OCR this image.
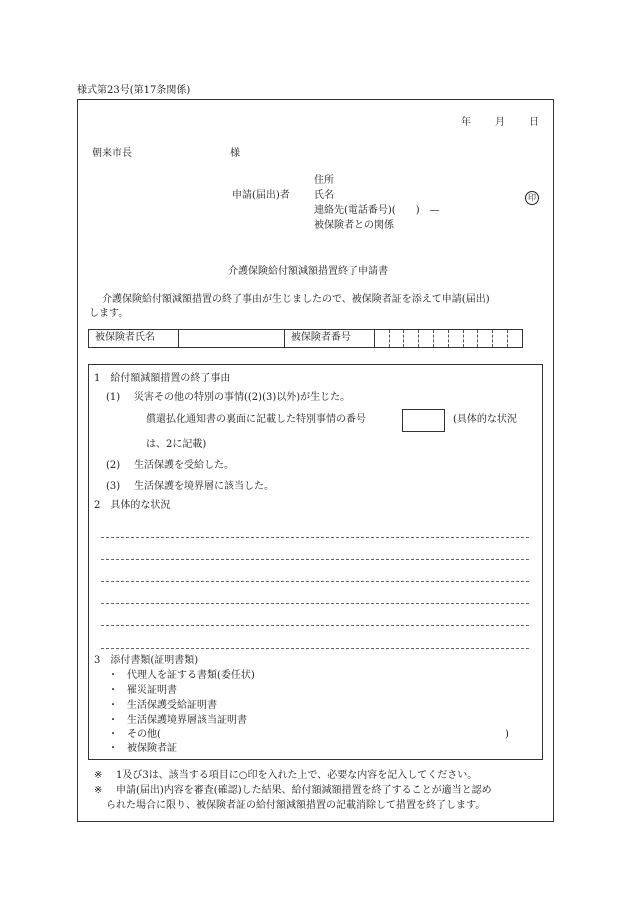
様式第23号(第17条関係)
年 月 日
朝来市長	様
住所
申請(届出)者 氏名	印
連絡先(電話番号)(　　)　—
被保険者との関係
介護保険給付額減額措置終了申請書
介護保険給付額減額措置の終了事由が生じましたので、被保険者証を添えて申請(届出)
します。
被保険者氏名		被保険者番号										
1　給付額減額措置の終了事由
(1) 災害その他の特別の事情((2)(3)以外)が生じた。
償還払化通知書の裏面に記載した特別事情の番号	(具体的な状況
は、2に記載)
(2) 生活保護を受給した。
(3) 生活保護を境界層に該当した。
2　具体的な状況
3　添付書類(証明書類)
・ 代理人を証する書類(委任状)
・ 罹災証明書
・ 生活保護受給証明書
・ 生活保護境界層該当証明書
・ その他(	)
・ 被保険者証
※ 1及び3は、該当する項目に○印を入れた上で、必要な内容を記入してください。
※ 申請(届出)内容を審査(確認)した結果、給付額減額措置を終了することが適当と認め
られた場合に限り、被保険者証の給付額減額措置の記載消除して措置を終了します。
